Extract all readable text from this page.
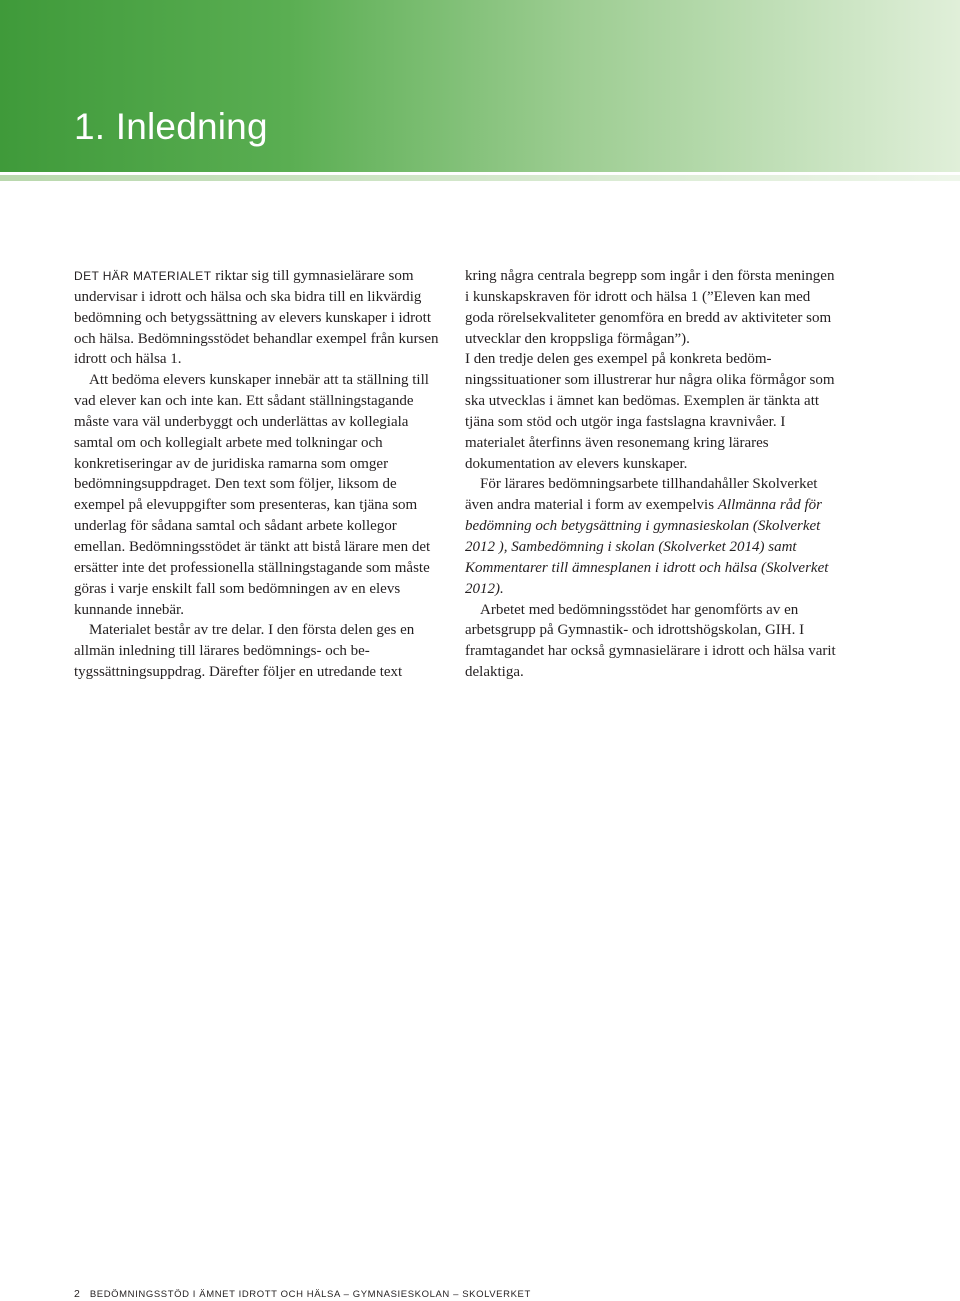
1. Inledning

DET HÄR MATERIALET riktar sig till gymnasielärare som undervisar i idrott och hälsa och ska bidra till en likvärdig bedömning och betygssättning av elevers kunskaper i idrott och hälsa. Bedömningsstödet behandlar exempel från kursen idrott och hälsa 1.

Att bedöma elevers kunskaper innebär att ta ställning till vad elever kan och inte kan. Ett sådant ställningstagande måste vara väl underbyggt och underlättas av kollegiala samtal om och kollegialt arbete med tolkningar och konkretiseringar av de juridiska ramarna som omger bedömningsuppdraget. Den text som följer, liksom de exempel på elevuppgifter som presenteras, kan tjäna som underlag för sådana samtal och sådant arbete kollegor emellan. Bedömningsstödet är tänkt att bistå lärare men det ersätter inte det professionella ställningstagande som måste göras i varje enskilt fall som bedömningen av en elevs kunnande innebär.

Materialet består av tre delar. I den första delen ges en allmän inledning till lärares bedömnings- och betygssättningsuppdrag. Därefter följer en utredande text

kring några centrala begrepp som ingår i den första meningen i kunskapskraven för idrott och hälsa 1 (”Eleven kan med goda rörelsekvaliteter genomföra en bredd av aktiviteter som utvecklar den kroppsliga förmågan”).

I den tredje delen ges exempel på konkreta bedömningssituationer som illustrerar hur några olika förmågor som ska utvecklas i ämnet kan bedömas. Exemplen är tänkta att tjäna som stöd och utgör inga fastslagna kravnivåer. I materialet återfinns även resonemang kring lärares dokumentation av elevers kunskaper.

För lärares bedömningsarbete tillhandahåller Skolverket även andra material i form av exempelvis Allmänna råd för bedömning och betygsättning i gymnasieskolan (Skolverket 2012 ), Sambedömning i skolan (Skolverket 2014) samt Kommentarer till ämnesplanen i idrott och hälsa (Skolverket 2012).

Arbetet med bedömningsstödet har genomförts av en arbetsgrupp på Gymnastik- och idrottshögskolan, GIH. I framtagandet har också gymnasielärare i idrott och hälsa varit delaktiga.

2 BEDÖMNINGSSTÖD I ÄMNET IDROTT OCH HÄLSA – GYMNASIESKOLAN – SKOLVERKET
